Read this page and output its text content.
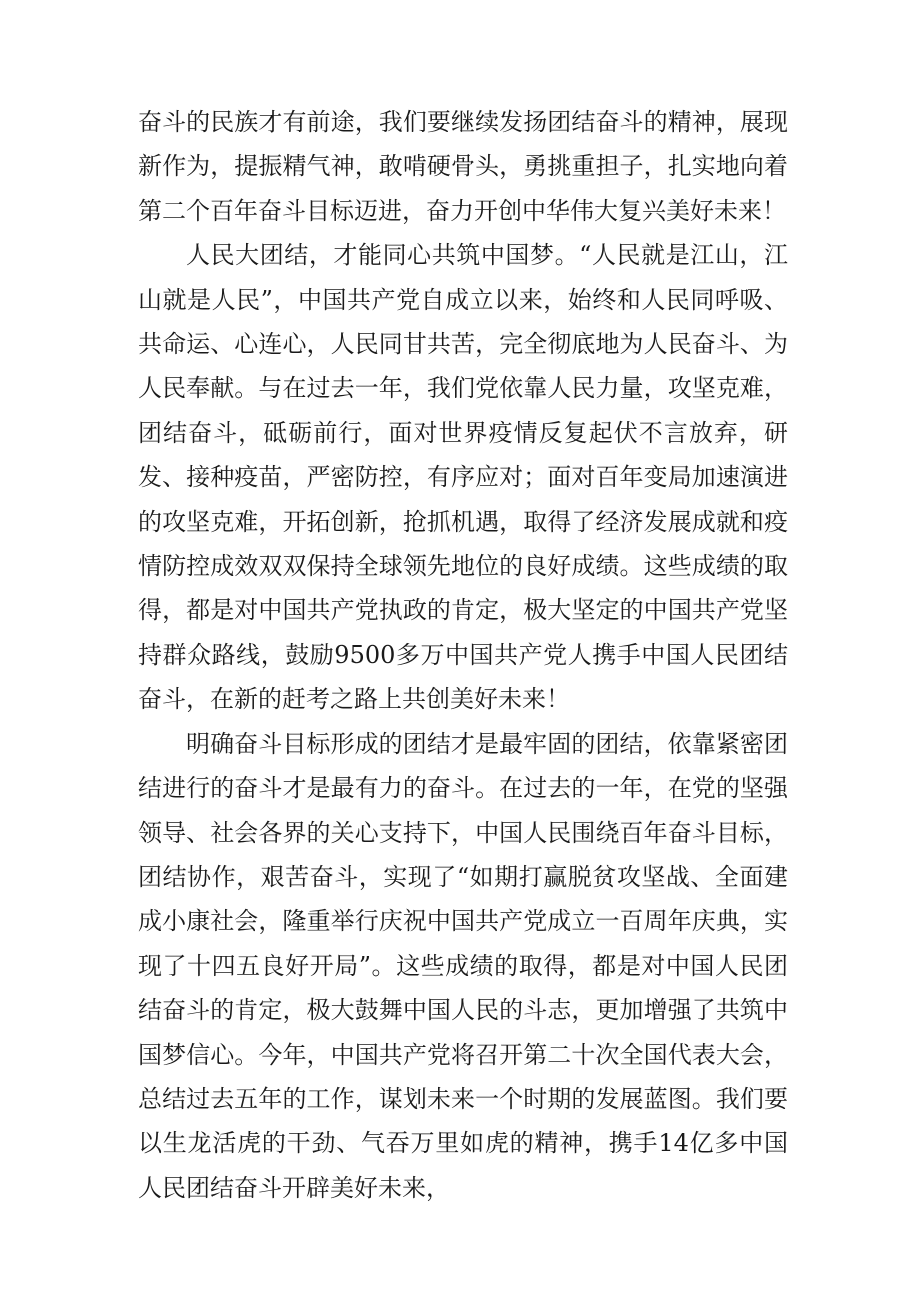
奋斗的民族才有前途，我们要继续发扬团结奋斗的精神，展现新作为，提振精气神，敢啃硬骨头，勇挑重担子，扎实地向着第二个百年奋斗目标迈进，奋力开创中华伟大复兴美好未来！

人民大团结，才能同心共筑中国梦。“人民就是江山，江山就是人民”，中国共产党自成立以来，始终和人民同呼吸、共命运、心连心，人民同甘共苦，完全彻底地为人民奋斗、为人民奉献。与在过去一年，我们党依靠人民力量，攻坚克难，团结奋斗，砥砺前行，面对世界疫情反复起伏不言放弃，研发、接种疫苗，严密防控，有序应对；面对百年变局加速演进的攻坚克难，开拓创新，抢抓机遇，取得了经济发展成就和疫情防控成效双双保持全球领先地位的良好成绩。这些成绩的取得，都是对中国共产党执政的肯定，极大坚定的中国共产党坚持群众路线，鼓励9500多万中国共产党人携手中国人民团结奋斗，在新的赶考之路上共创美好未来！

明确奋斗目标形成的团结才是最牢固的团结，依靠紧密团结进行的奋斗才是最有力的奋斗。在过去的一年，在党的坚强领导、社会各界的关心支持下，中国人民围绕百年奋斗目标，团结协作，艰苦奋斗，实现了“如期打赢脱贫攻坚战、全面建成小康社会，隆重举行庆祝中国共产党成立一百周年庆典，实现了十四五良好开局”。这些成绩的取得，都是对中国人民团结奋斗的肯定，极大鼓舞中国人民的斗志，更加增强了共筑中国梦信心。今年，中国共产党将召开第二十次全国代表大会，总结过去五年的工作，谋划未来一个时期的发展蓝图。我们要以生龙活虎的干劲、气吞万里如虎的精神，携手14亿多中国人民团结奋斗开辟美好未来，
